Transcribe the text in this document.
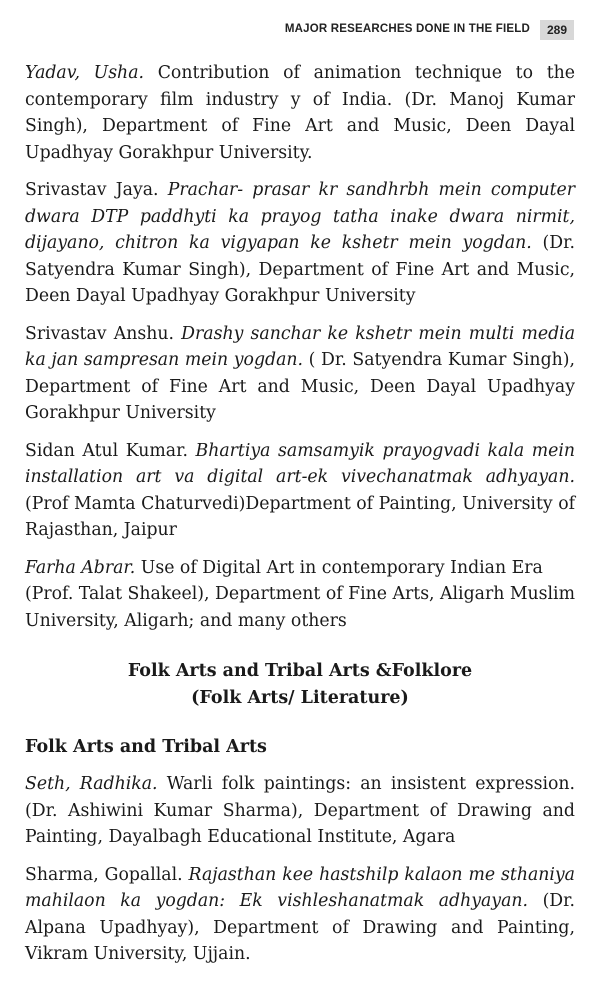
MAJOR RESEARCHES DONE IN THE FIELD	289

Yadav, Usha. Contribution of animation technique to the contemporary film industry y of India. (Dr. Manoj Kumar Singh), Department of Fine Art and Music, Deen Dayal Upadhyay Gorakhpur University.

Srivastav Jaya. Prachar- prasar kr sandhrbh mein computer dwara DTP paddhyti ka prayog tatha inake dwara nirmit, dijayano, chitron ka vigyapan ke kshetr mein yogdan. (Dr. Satyendra Kumar Singh), Department of Fine Art and Music, Deen Dayal Upadhyay Gorakhpur University

Srivastav Anshu. Drashy sanchar ke kshetr mein multi media ka jan sampresan mein yogdan. ( Dr. Satyendra Kumar Singh), Department of Fine Art and Music, Deen Dayal Upadhyay Gorakhpur University

Sidan Atul Kumar. Bhartiya samsamyik prayogvadi kala mein installation art va digital art-ek vivechanatmak adhyayan. (Prof Mamta Chaturvedi)Department of Painting, University of Rajasthan, Jaipur

Farha Abrar. Use of Digital Art in contemporary Indian Era (Prof. Talat Shakeel), Department of Fine Arts, Aligarh Muslim University, Aligarh; and many others

Folk Arts and Tribal Arts &Folklore
(Folk Arts/ Literature)
Folk Arts and Tribal Arts

Seth, Radhika. Warli folk paintings: an insistent expression. (Dr. Ashiwini Kumar Sharma), Department of Drawing and Painting, Dayalbagh Educational Institute, Agara

Sharma, Gopallal. Rajasthan kee hastshilp kalaon me sthaniya mahilaon ka yogdan: Ek vishleshanatmak adhyayan. (Dr. Alpana Upadhyay), Department of Drawing and Painting, Vikram University, Ujjain.
